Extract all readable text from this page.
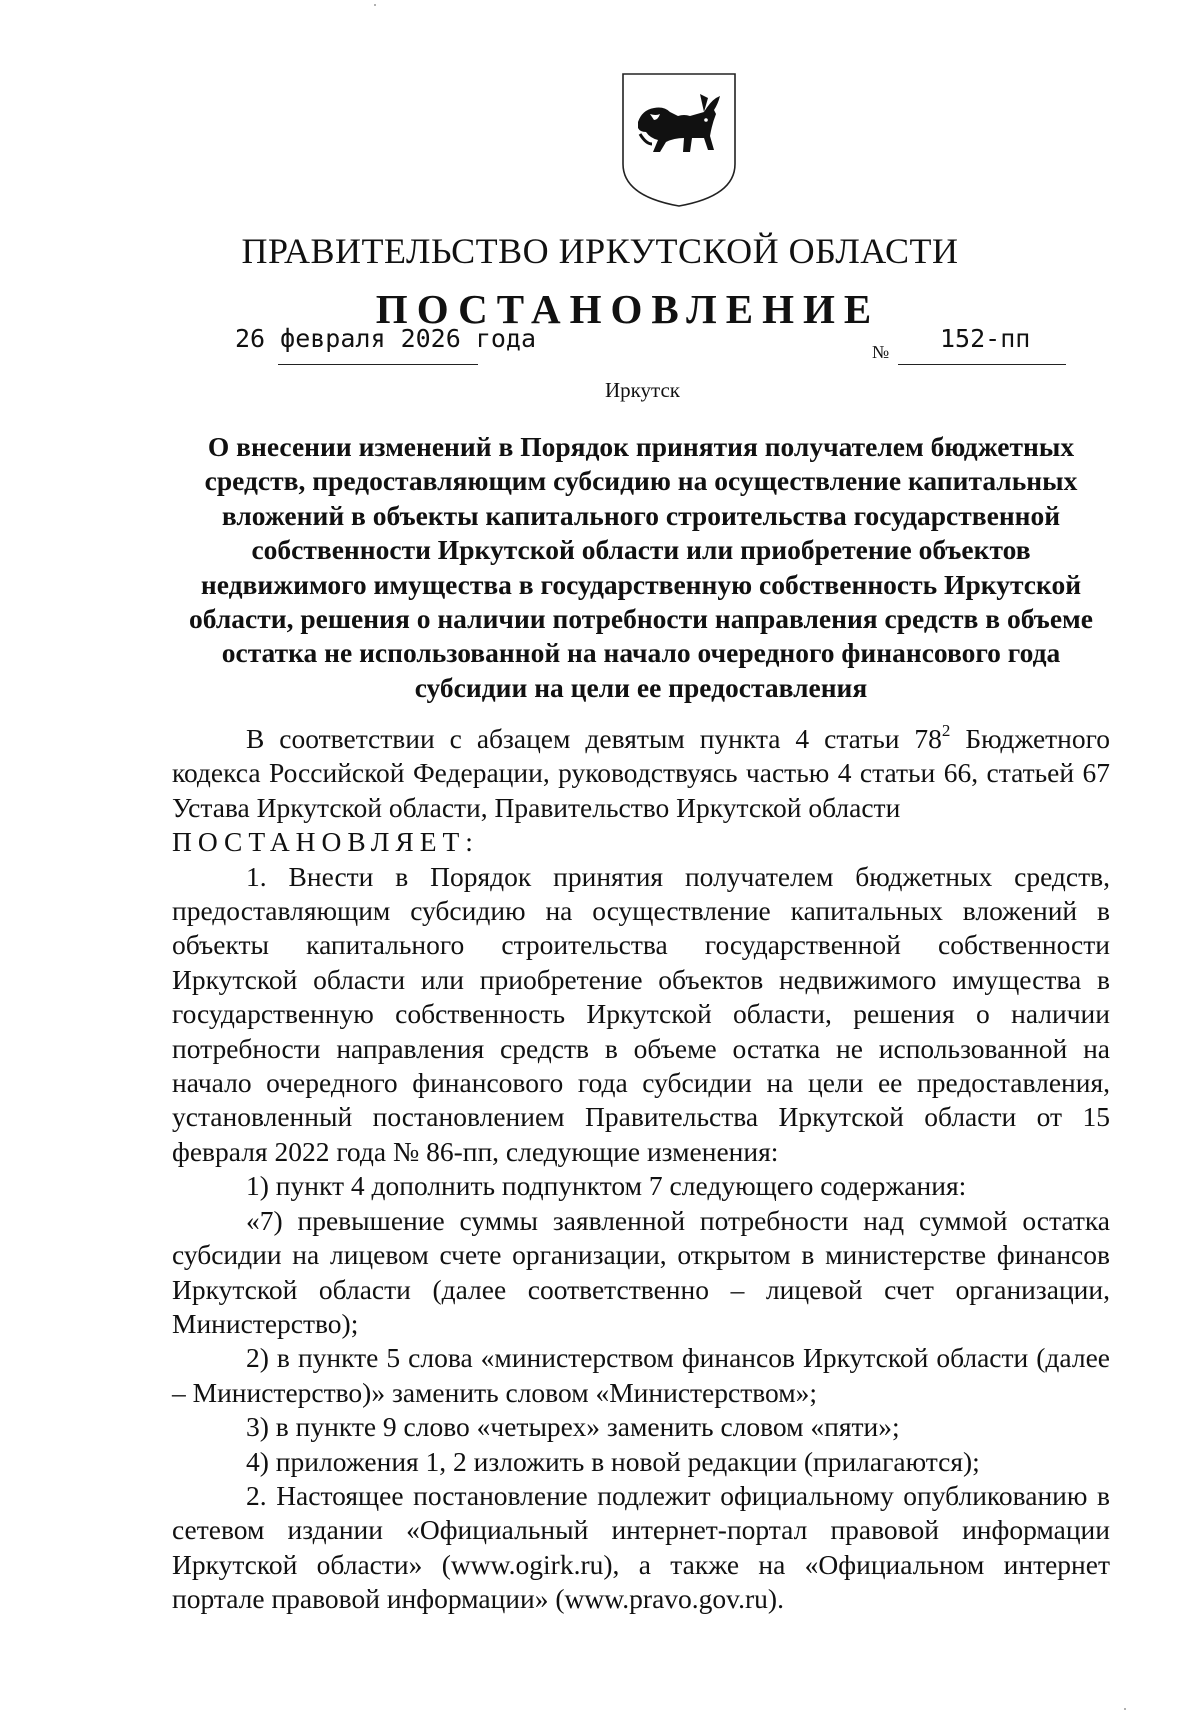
ПРАВИТЕЛЬСТВО ИРКУТСКОЙ ОБЛАСТИ
ПОСТАНОВЛЕНИЕ
26 февраля 2026 года	№ 152-пп
Иркутск
О внесении изменений в Порядок принятия получателем бюджетных средств, предоставляющим субсидию на осуществление капитальных вложений в объекты капитального строительства государственной собственности Иркутской области или приобретение объектов недвижимого имущества в государственную собственность Иркутской области, решения о наличии потребности направления средств в объеме остатка не использованной на начало очередного финансового года субсидии на цели ее предоставления

В соответствии с абзацем девятым пункта 4 статьи $78^2$ Бюджетного кодекса Российской Федерации, руководствуясь частью 4 статьи 66, статьей 67 Устава Иркутской области, Правительство Иркутской области

ПОСТАНОВЛЯЕТ:

1. Внести в Порядок принятия получателем бюджетных средств, предоставляющим субсидию на осуществление капитальных вложений в объекты капитального строительства государственной собственности Иркутской области или приобретение объектов недвижимого имущества в государственную собственность Иркутской области, решения о наличии потребности направления средств в объеме остатка не использованной на начало очередного финансового года субсидии на цели ее предоставления, установленный постановлением Правительства Иркутской области от 15 февраля 2022 года № 86-пп, следующие изменения:

1) пункт 4 дополнить подпунктом 7 следующего содержания:

«7) превышение суммы заявленной потребности над суммой остатка субсидии на лицевом счете организации, открытом в министерстве финансов Иркутской области (далее соответственно – лицевой счет организации, Министерство);

2) в пункте 5 слова «министерством финансов Иркутской области (далее – Министерство)» заменить словом «Министерством»;

3) в пункте 9 слово «четырех» заменить словом «пяти»;

4) приложения 1, 2 изложить в новой редакции (прилагаются);

2. Настоящее постановление подлежит официальному опубликованию в сетевом издании «Официальный интернет-портал правовой информации Иркутской области» (www.ogirk.ru), а также на «Официальном интернет портале правовой информации» (www.pravo.gov.ru).
